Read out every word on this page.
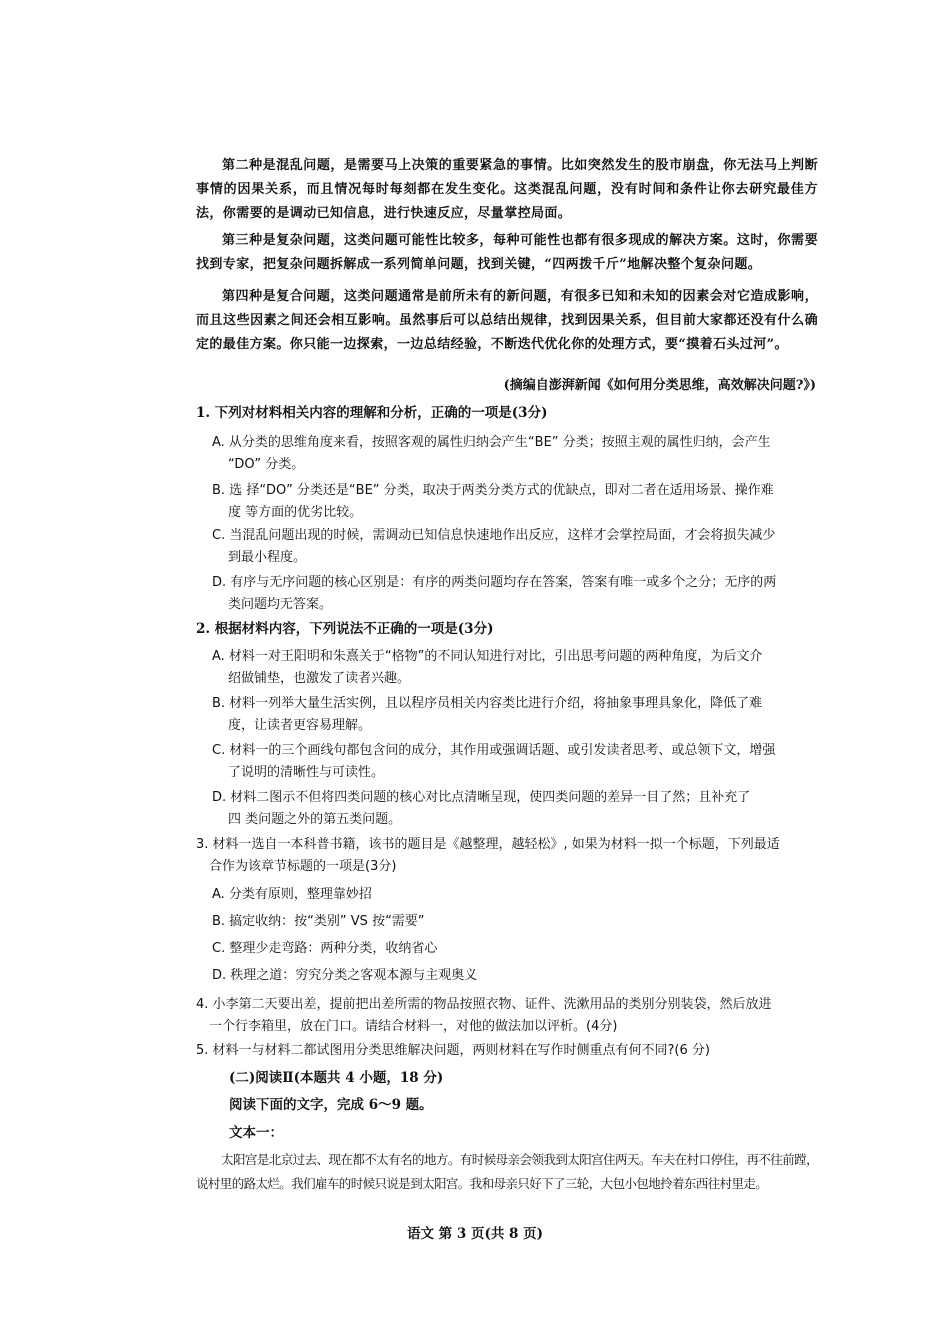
第二种是混乱问题，是需要马上决策的重要紧急的事情。比如突然发生的股市崩盘，你无法马上判断事情的因果关系，而且情况每时每刻都在发生变化。这类混乱问题，没有时间和条件让你去研究最佳方法，你需要的是调动已知信息，进行快速反应，尽量掌控局面。
第三种是复杂问题，这类问题可能性比较多，每种可能性也都有很多现成的解决方案。这时，你需要找到专家，把复杂问题拆解成一系列简单问题，找到关键，“四两拨千斤”地解决整个复杂问题。
第四种是复合问题，这类问题通常是前所未有的新问题，有很多已知和未知的因素会对它造成影响，而且这些因素之间还会相互影响。虽然事后可以总结出规律，找到因果关系，但目前大家都还没有什么确定的最佳方案。你只能一边探索，一边总结经验，不断迭代优化你的处理方式，要“摸着石头过河”。
(摘编自澎湃新闻《如何用分类思维，高效解决问题?》)
1. 下列对材料相关内容的理解和分析，正确的一项是(3分)
A. 从分类的思维角度来看，按照客观的属性归纳会产生“BE” 分类；按照主观的属性归纳，会产生
“DO” 分类。
B. 选 择“DO” 分类还是“BE” 分类，取决于两类分类方式的优缺点，即对二者在适用场景、操作难
度 等方面的优劣比较。
C. 当混乱问题出现的时候，需调动已知信息快速地作出反应，这样才会掌控局面，才会将损失减少
到最小程度。
D. 有序与无序问题的核心区别是：有序的两类问题均存在答案，答案有唯一或多个之分；无序的两
类问题均无答案。
2. 根据材料内容，下列说法不正确的一项是(3分)
A. 材料一对王阳明和朱熹关于“格物”的不同认知进行对比，引出思考问题的两种角度，为后文介
绍做铺垫，也激发了读者兴趣。
B. 材料一列举大量生活实例，且以程序员相关内容类比进行介绍，将抽象事理具象化，降低了难
度，让读者更容易理解。
C. 材料一的三个画线句都包含问的成分，其作用或强调话题、或引发读者思考、或总领下文，增强
了说明的清晰性与可读性。
D. 材料二图示不但将四类问题的核心对比点清晰呈现，使四类问题的差异一目了然；且补充了
四 类问题之外的第五类问题。
3. 材料一选自一本科普书籍，该书的题目是《越整理，越轻松》, 如果为材料一拟一个标题，下列最适
合作为该章节标题的一项是(3分)
A. 分类有原则，整理靠妙招
B. 搞定收纳：按“类别” VS 按“需要”
C. 整理少走弯路：两种分类，收纳省心
D. 秩理之道：穷究分类之客观本源与主观奥义
4. 小李第二天要出差，提前把出差所需的物品按照衣物、证件、洗漱用品的类别分别装袋，然后放进
一个行李箱里，放在门口。请结合材料一，对他的做法加以评析。(4分)
5. 材料一与材料二都试图用分类思维解决问题，两则材料在写作时侧重点有何不同?(6 分)
(二)阅读Ⅱ(本题共 4 小题，18 分)
阅读下面的文字，完成 6～9 题。
文本一：
太阳宫是北京过去、现在都不太有名的地方。有时候母亲会领我到太阳宫住两天。车夫在村口停住，再不往前蹚，说村里的路太烂。我们雇车的时候只说是到太阳宫。我和母亲只好下了三轮，大包小包地拎着东西往村里走。
语文 第 3 页(共 8 页)
